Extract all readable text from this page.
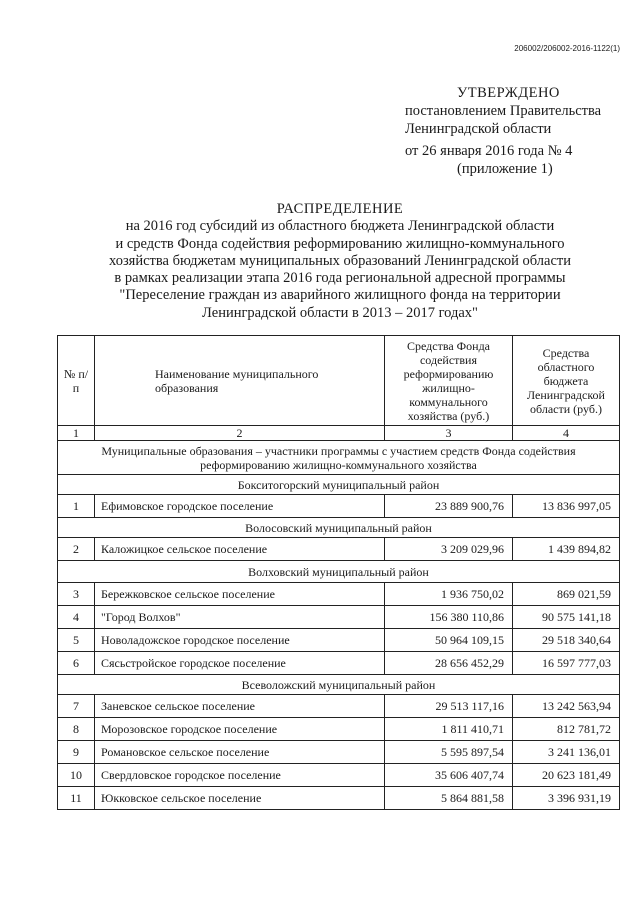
206002/206002-2016-1122(1)
УТВЕРЖДЕНО
постановлением Правительства
Ленинградской области
от 26 января 2016 года № 4
(приложение 1)
РАСПРЕДЕЛЕНИЕ
на 2016 год субсидий из областного бюджета Ленинградской области
и средств Фонда содействия реформированию жилищно-коммунального
хозяйства бюджетам муниципальных образований Ленинградской области
в рамках реализации этапа 2016 года региональной адресной программы
"Переселение граждан из аварийного жилищного фонда на территории
Ленинградской области в 2013 – 2017 годах"
№ п/п	Наименование муниципального образования	Средства Фонда содействия реформированию жилищно-коммунального хозяйства (руб.)	Средства областного бюджета Ленинградской области (руб.)
1	2	3	4
Муниципальные образования – участники программы с участием средств Фонда содействия реформированию жилищно-коммунального хозяйства			
Бокситогорский муниципальный район			
1	Ефимовское городское поселение	23 889 900,76	13 836 997,05
Волосовский муниципальный район			
2	Каложицкое сельское поселение	3 209 029,96	1 439 894,82
Волховский муниципальный район			
3	Бережковское сельское поселение	1 936 750,02	869 021,59
4	"Город Волхов"	156 380 110,86	90 575 141,18
5	Новоладожское городское поселение	50 964 109,15	29 518 340,64
6	Сясьстройское городское поселение	28 656 452,29	16 597 777,03
Всеволожский муниципальный район			
7	Заневское сельское поселение	29 513 117,16	13 242 563,94
8	Морозовское городское поселение	1 811 410,71	812 781,72
9	Романовское сельское поселение	5 595 897,54	3 241 136,01
10	Свердловское городское поселение	35 606 407,74	20 623 181,49
11	Юкковское сельское поселение	5 864 881,58	3 396 931,19
